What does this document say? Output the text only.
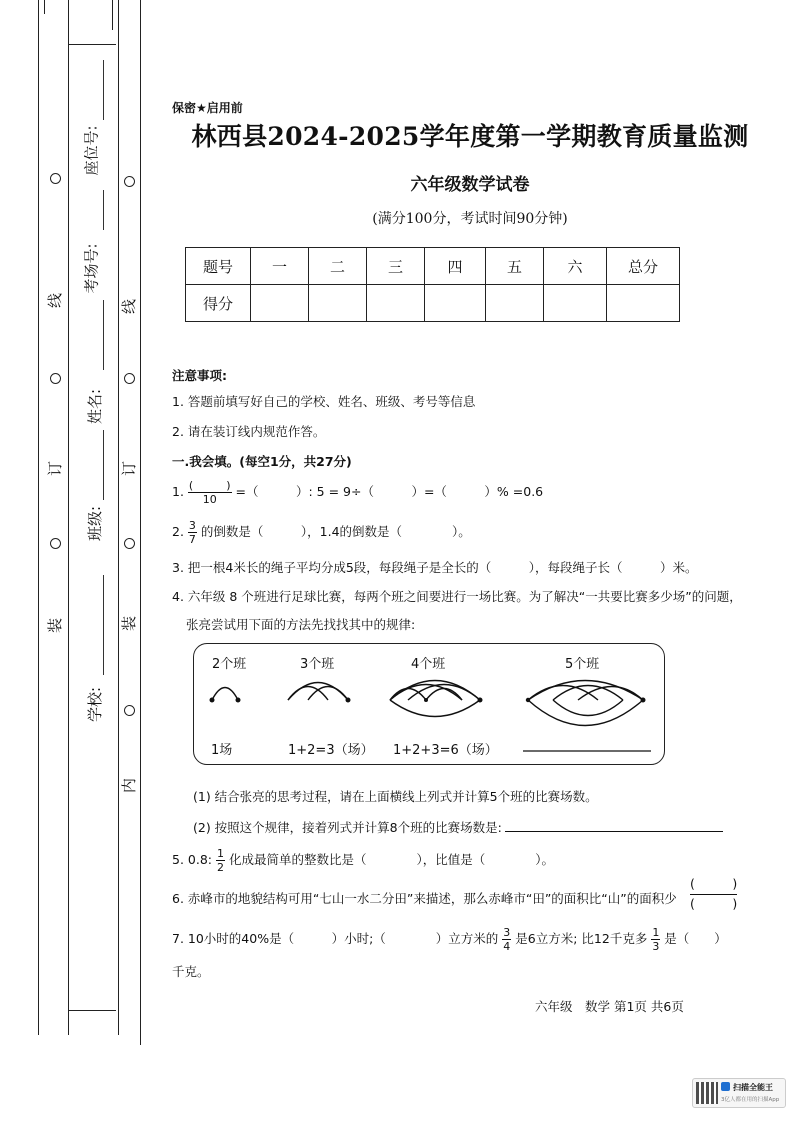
线
订
装
线
订
装
内
座位号:
考场号:
姓名:
班级:
学校:
保密★启用前
林西县2024-2025学年度第一学期教育质量监测
六年级数学试卷
(满分100分，考试时间90分钟)
题号	一	二	三	四	五	六	总分
得分							
注意事项:
1. 答题前填写好自己的学校、姓名、班级、考号等信息
2. 请在装订线内规范作答。
一.我会填。(每空1分，共27分)
1. $\frac{( )}{10}$ =（　　　）: 5 = 9÷（　　　）=（　　　）% =0.6
2. $\frac{3}{7}$ 的倒数是（　　　），1.4的倒数是（　　　　）。
3. 把一根4米长的绳子平均分成5段，每段绳子是全长的（　　　），每段绳子长（　　　）米。
4. 六年级 8 个班进行足球比赛，每两个班之间要进行一场比赛。为了解决“一共要比赛多少场”的问题，
张亮尝试用下面的方法先找找其中的规律:
2个班	3个班	4个班	5个班
1场	1+2=3（场） 1+2+3=6（场）
(1) 结合张亮的思考过程，请在上面横线上列式并计算5个班的比赛场数。
(2) 按照这个规律，接着列式并计算8个班的比赛场数是:
5. 0.8: $\frac{1}{2}$ 化成最简单的整数比是（　　　　），比值是（　　　　）。
6. 赤峰市的地貌结构可用“七山一水二分田”来描述，那么赤峰市“田”的面积比“山”的面积少
(　　　)
(　　　)
7. 10小时的40%是（　　　）小时;（　　　　）立方米的 $\frac{3}{4}$ 是6立方米; 比12千克多 $\frac{1}{3}$ 是（　　）
千克。
六年级　数学 第1页 共6页
扫描全能王
3亿人都在用的扫描App
